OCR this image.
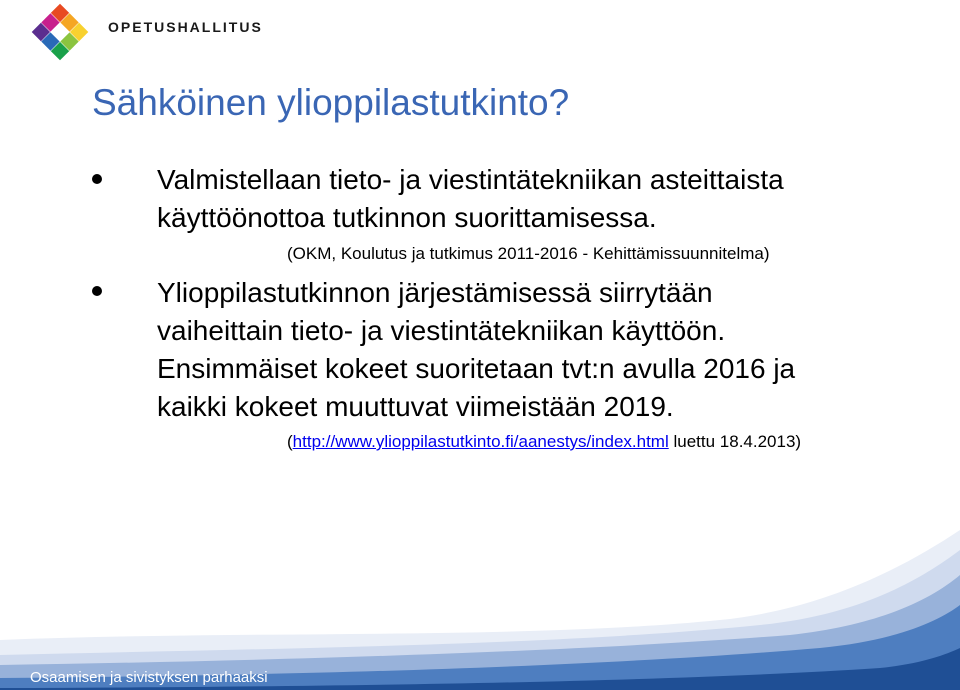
OPETUSHALLITUS
Sähköinen ylioppilastutkinto?
Valmistellaan tieto- ja viestintätekniikan asteittaista
käyttöönottoa tutkinnon suorittamisessa.
(OKM, Koulutus ja tutkimus 2011-2016 - Kehittämissuunnitelma)
Ylioppilastutkinnon järjestämisessä siirrytään
vaiheittain tieto- ja viestintätekniikan käyttöön.
Ensimmäiset kokeet suoritetaan tvt:n avulla 2016 ja
kaikki kokeet muuttuvat viimeistään 2019.
(http://www.ylioppilastutkinto.fi/aanestys/index.html luettu 18.4.2013)
Osaamisen ja sivistyksen parhaaksi
